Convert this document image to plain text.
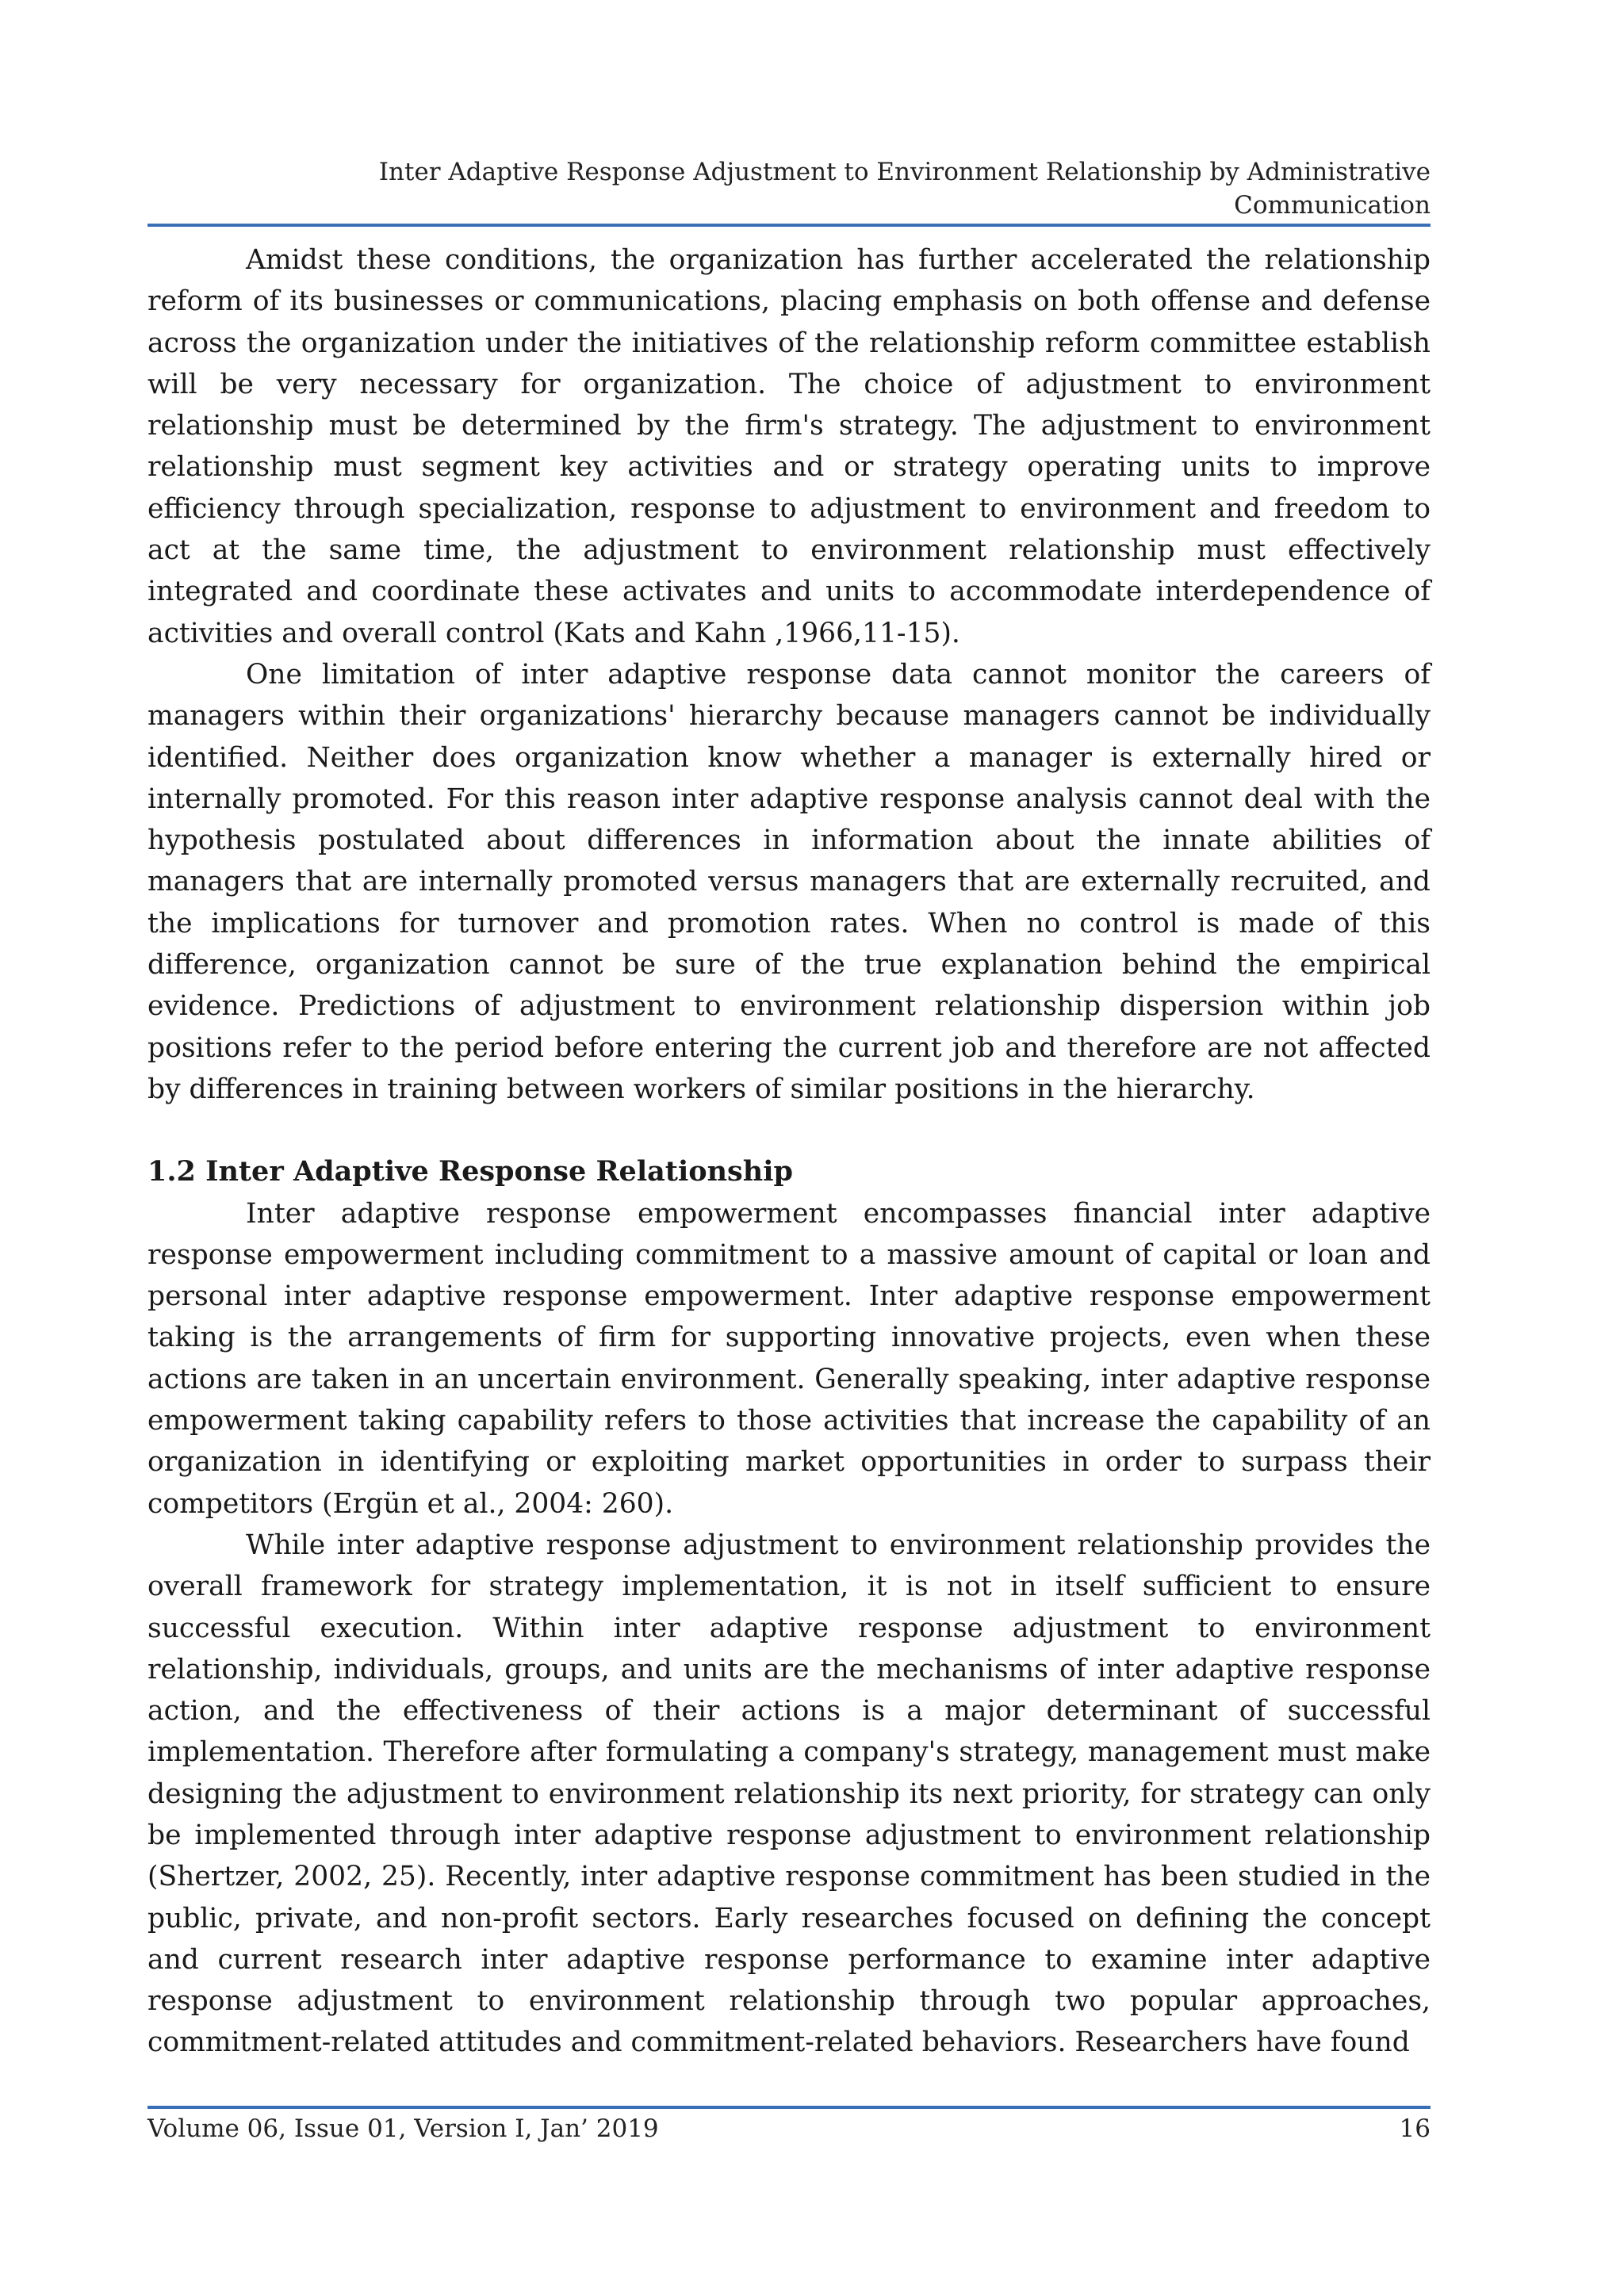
Inter Adaptive Response Adjustment to Environment Relationship by Administrative
Communication

Amidst these conditions, the organization has further accelerated the relationship reform of its businesses or communications, placing emphasis on both offense and defense across the organization under the initiatives of the relationship reform committee establish will be very necessary for organization. The choice of adjustment to environment relationship must be determined by the firm's strategy. The adjustment to environment relationship must segment key activities and or strategy operating units to improve efficiency through specialization, response to adjustment to environment and freedom to act at the same time, the adjustment to environment relationship must effectively integrated and coordinate these activates and units to accommodate interdependence of activities and overall control (Kats and Kahn ,1966,11-15).

One limitation of inter adaptive response data cannot monitor the careers of managers within their organizations' hierarchy because managers cannot be individually identified. Neither does organization know whether a manager is externally hired or internally promoted. For this reason inter adaptive response analysis cannot deal with the hypothesis postulated about differences in information about the innate abilities of managers that are internally promoted versus managers that are externally recruited, and the implications for turnover and promotion rates. When no control is made of this difference, organization cannot be sure of the true explanation behind the empirical evidence. Predictions of adjustment to environment relationship dispersion within job positions refer to the period before entering the current job and therefore are not affected by differences in training between workers of similar positions in the hierarchy.

1.2 Inter Adaptive Response Relationship

Inter adaptive response empowerment encompasses financial inter adaptive response empowerment including commitment to a massive amount of capital or loan and personal inter adaptive response empowerment. Inter adaptive response empowerment taking is the arrangements of firm for supporting innovative projects, even when these actions are taken in an uncertain environment. Generally speaking, inter adaptive response empowerment taking capability refers to those activities that increase the capability of an organization in identifying or exploiting market opportunities in order to surpass their competitors (Ergün et al., 2004: 260).

While inter adaptive response adjustment to environment relationship provides the overall framework for strategy implementation, it is not in itself sufficient to ensure successful execution. Within inter adaptive response adjustment to environment relationship, individuals, groups, and units are the mechanisms of inter adaptive response action, and the effectiveness of their actions is a major determinant of successful implementation. Therefore after formulating a company's strategy, management must make designing the adjustment to environment relationship its next priority, for strategy can only be implemented through inter adaptive response adjustment to environment relationship (Shertzer, 2002, 25). Recently, inter adaptive response commitment has been studied in the public, private, and non-profit sectors. Early researches focused on defining the concept and current research inter adaptive response performance to examine inter adaptive response adjustment to environment relationship through two popular approaches, commitment-related attitudes and commitment-related behaviors. Researchers have found

Volume 06, Issue 01, Version I, Jan’ 2019	16
